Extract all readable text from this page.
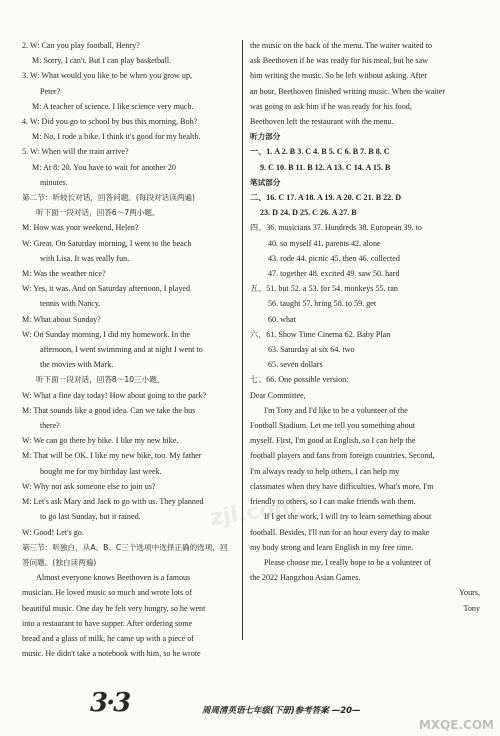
2. W: Can you play football, Henry?
M: Sorry, I can't. But I can play basketball.
3. W: What would you like to be when you grow up,
Peter?
M: A teacher of science. I like science very much.
4. W: Did you go to school by bus this morning, Bob?
M: No, I rode a bike. I think it's good for my health.
5. W: When will the train arrive?
M: At 8: 20. You have to wait for another 20
minutes.
第二节：听较长对话，回答问题。(每段对话读两遍)
听下面一段对话，回答6～7两小题。
M: How was your weekend, Helen?
W: Great. On Saturday morning, I went to the beach
with Lisa. It was really fun.
M: Was the weather nice?
W: Yes, it was. And on Saturday afternoon, I played
tennis with Nancy.
M: What about Sunday?
W: On Sunday morning, I did my homework. In the
afternoon, I went swimming and at night I went to
the movies with Mark.
听下面一段对话，回答8～10三小题。
W: What a fine day today! How about going to the park?
M: That sounds like a good idea. Can we take the bus
there?
W: We can go there by bike. I like my new bike.
M: That will be OK. I like my new bike, too. My father
bought me for my birthday last week.
W: Why not ask someone else to join us?
M: Let's ask Mary and Jack to go with us. They planned
to go last Sunday, but it rained.
W: Good! Let's go.
第三节：听独白，从A、B、C三个选项中选择正确的选项，回
答问题。(独白读两遍)
Almost everyone knows Beethoven is a famous
musician. He loved music so much and wrote lots of
beautiful music. One day he felt very hungry, so he went
into a restaurant to have supper. After ordering some
bread and a glass of milk, he came up with a piece of
music. He didn't take a notebook with him, so he wrote
the music on the back of the menu. The waiter waited to
ask Beethoven if he was ready for his meal, but he saw
him writing the music. So he left without asking. After
an hour, Beethoven finished writing music. When the waiter
was going to ask him if he was ready for his food,
Beethoven left the restaurant with the menu.
听力部分
一、1. A 2. B 3. C 4. B 5. C 6. B 7. B 8. C
9. C 10. B 11. B 12. A 13. C 14. A 15. B
笔试部分
二、16. C 17. A 18. A 19. A 20. C 21. B 22. D
23. D 24. D 25. C 26. A 27. B
四、36. musicians 37. Hundreds 38. European 39. to
40. so myself 41. parents 42. alone
43. rode 44. picnic 45. then 46. collected
47. together 48. excited 49. saw 50. hard
五、51. but 52. a 53. for 54. monkeys 55. ran
56. taught 57. bring 58. to 59. get
60. what
六、61. Show Time Cinema 62. Baby Plan
63. Saturday at six 64. two
65. seven dollars
七、66. One possible version:
Dear Committee,
I'm Tony and I'd like to be a volunteer of the
Football Stadium. Let me tell you something about
myself. First, I'm good at English, so I can help the
football players and fans from foreign countries. Second,
I'm always ready to help others, I can help my
classmates when they have difficulties. What's more, I'm
friendly to others, so I can make friends with them.
If I get the work, I will try to learn something about
football. Besides, I'll run for an hour every day to make
my body strong and learn English in my free time.
Please choose me, I really hope to be a volunteer of
the 2022 Hangzhou Asian Games.
Yours,
Tony
3·3	周周清英语七年级(下册)参考答案 —20—
zjl.com
MXQE.COM
